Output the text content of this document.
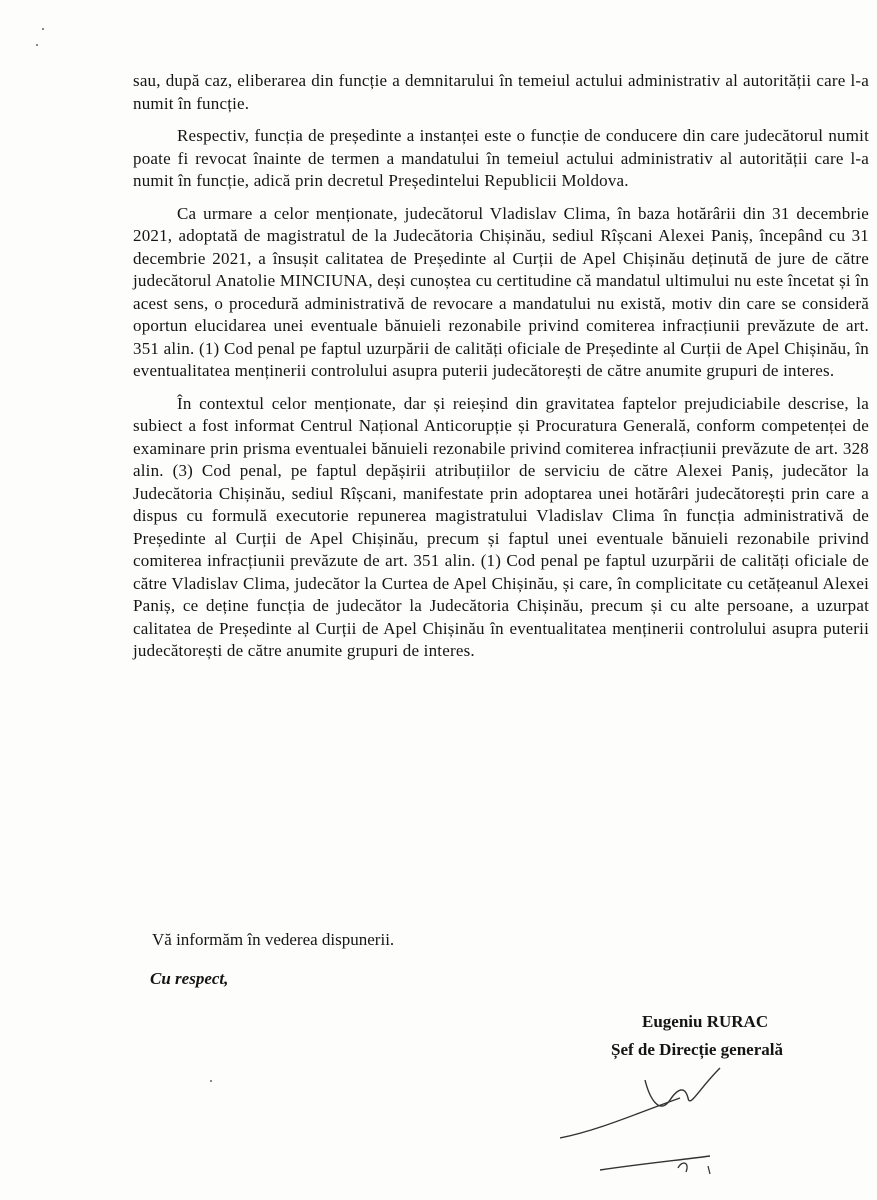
sau, după caz, eliberarea din funcție a demnitarului în temeiul actului administrativ al autorității care l-a numit în funcție.

Respectiv, funcția de președinte a instanței este o funcție de conducere din care judecătorul numit poate fi revocat înainte de termen a mandatului în temeiul actului administrativ al autorității care l-a numit în funcție, adică prin decretul Președintelui Republicii Moldova.

Ca urmare a celor menționate, judecătorul Vladislav Clima, în baza hotărârii din 31 decembrie 2021, adoptată de magistratul de la Judecătoria Chișinău, sediul Rîșcani Alexei Paniș, începând cu 31 decembrie 2021, a însușit calitatea de Președinte al Curții de Apel Chișinău deținută de jure de către judecătorul Anatolie MINCIUNA, deși cunoștea cu certitudine că mandatul ultimului nu este încetat și în acest sens, o procedură administrativă de revocare a mandatului nu există, motiv din care se consideră oportun elucidarea unei eventuale bănuieli rezonabile privind comiterea infracțiunii prevăzute de art. 351 alin. (1) Cod penal pe faptul uzurpării de calități oficiale de Președinte al Curții de Apel Chișinău, în eventualitatea menținerii controlului asupra puterii judecătorești de către anumite grupuri de interes.

În contextul celor menționate, dar și reieșind din gravitatea faptelor prejudiciabile descrise, la subiect a fost informat Centrul Național Anticorupție și Procuratura Generală, conform competenței de examinare prin prisma eventualei bănuieli rezonabile privind comiterea infracțiunii prevăzute de art. 328 alin. (3) Cod penal, pe faptul depășirii atribuțiilor de serviciu de către Alexei Paniș, judecător la Judecătoria Chișinău, sediul Rîșcani, manifestate prin adoptarea unei hotărâri judecătorești prin care a dispus cu formulă executorie repunerea magistratului Vladislav Clima în funcția administrativă de Președinte al Curții de Apel Chișinău, precum și faptul unei eventuale bănuieli rezonabile privind comiterea infracțiunii prevăzute de art. 351 alin. (1) Cod penal pe faptul uzurpării de calități oficiale de către Vladislav Clima, judecător la Curtea de Apel Chișinău, și care, în complicitate cu cetățeanul Alexei Paniș, ce deține funcția de judecător la Judecătoria Chișinău, precum și cu alte persoane, a uzurpat calitatea de Președinte al Curții de Apel Chișinău în eventualitatea menținerii controlului asupra puterii judecătorești de către anumite grupuri de interes.

Vă informăm în vederea dispunerii.
Cu respect,
Eugeniu RURAC
Șef de Direcție generală
